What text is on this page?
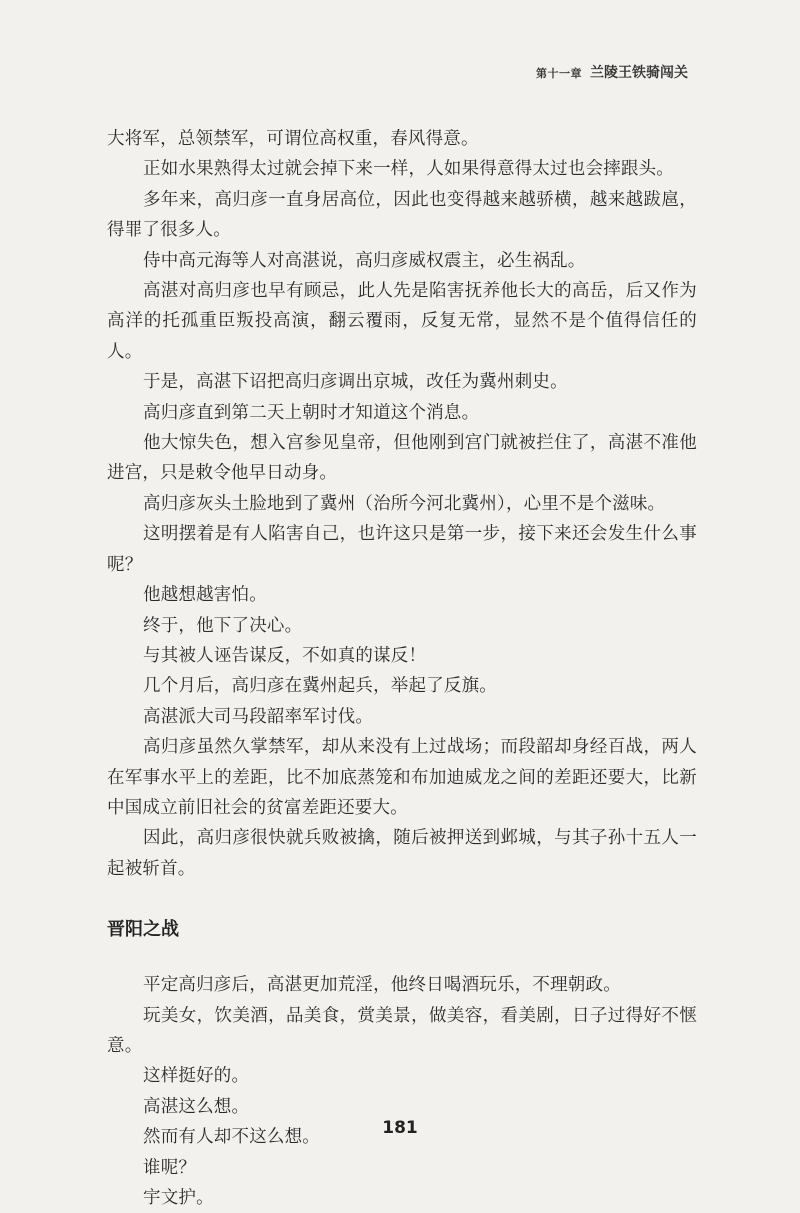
第十一章 兰陵王铁骑闯关

大将军，总领禁军，可谓位高权重，春风得意。

正如水果熟得太过就会掉下来一样，人如果得意得太过也会摔跟头。

多年来，高归彦一直身居高位，因此也变得越来越骄横，越来越跋扈，得罪了很多人。

侍中高元海等人对高湛说，高归彦威权震主，必生祸乱。

高湛对高归彦也早有顾忌，此人先是陷害抚养他长大的高岳，后又作为高洋的托孤重臣叛投高演，翻云覆雨，反复无常，显然不是个值得信任的人。

于是，高湛下诏把高归彦调出京城，改任为冀州刺史。

高归彦直到第二天上朝时才知道这个消息。

他大惊失色，想入宫参见皇帝，但他刚到宫门就被拦住了，高湛不准他进宫，只是敕令他早日动身。

高归彦灰头土脸地到了冀州（治所今河北冀州），心里不是个滋味。

这明摆着是有人陷害自己，也许这只是第一步，接下来还会发生什么事呢？

他越想越害怕。

终于，他下了决心。

与其被人诬告谋反，不如真的谋反！

几个月后，高归彦在冀州起兵，举起了反旗。

高湛派大司马段韶率军讨伐。

高归彦虽然久掌禁军，却从来没有上过战场；而段韶却身经百战，两人在军事水平上的差距，比不加底蒸笼和布加迪威龙之间的差距还要大，比新中国成立前旧社会的贫富差距还要大。

因此，高归彦很快就兵败被擒，随后被押送到邺城，与其子孙十五人一起被斩首。

晋阳之战

平定高归彦后，高湛更加荒淫，他终日喝酒玩乐，不理朝政。

玩美女，饮美酒，品美食，赏美景，做美容，看美剧，日子过得好不惬意。

这样挺好的。

高湛这么想。

然而有人却不这么想。

谁呢？

宇文护。

181
